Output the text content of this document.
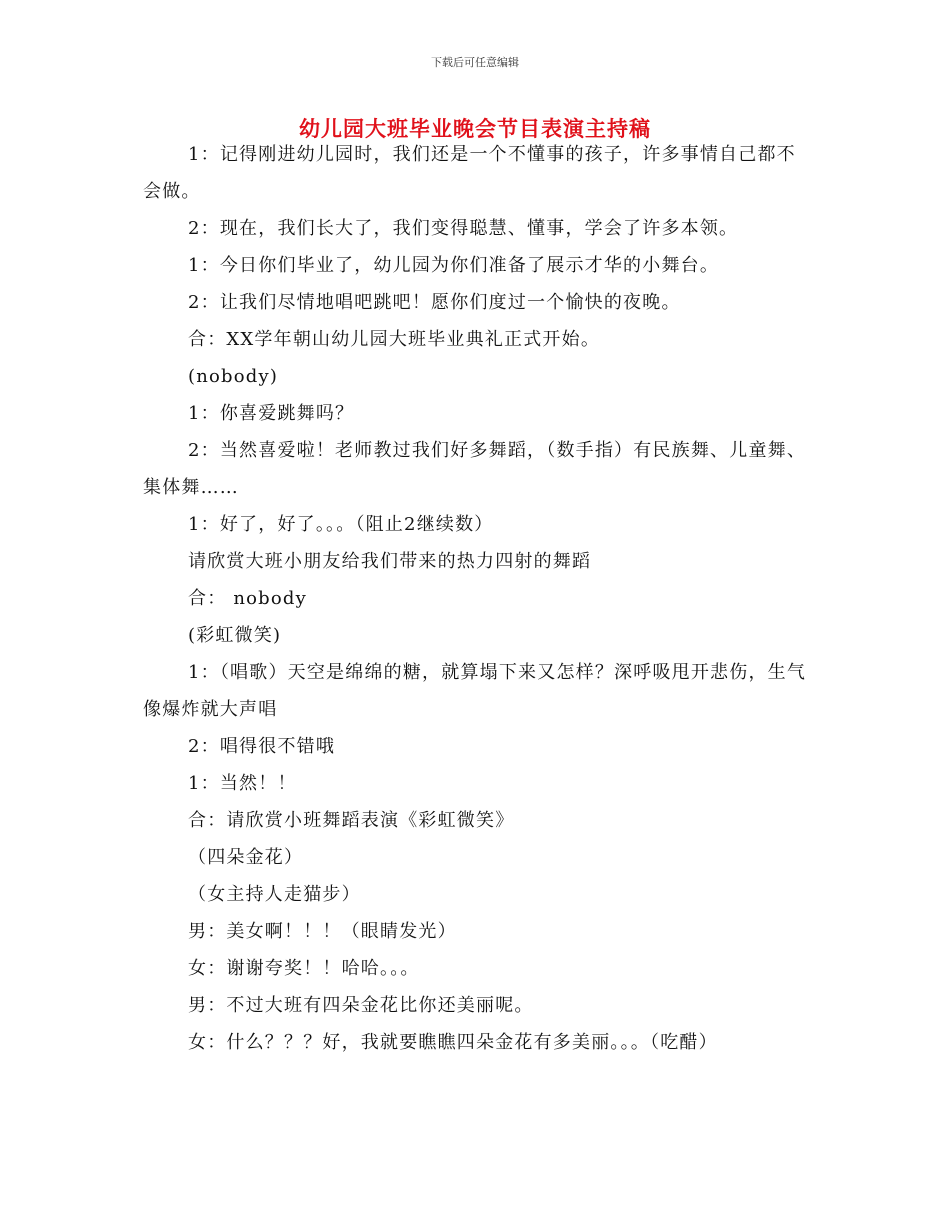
下载后可任意编辑
幼儿园大班毕业晚会节目表演主持稿

1：记得刚进幼儿园时，我们还是一个不懂事的孩子，许多事情自己都不会做。

2：现在，我们长大了，我们变得聪慧、懂事，学会了许多本领。

1：今日你们毕业了，幼儿园为你们准备了展示才华的小舞台。

2：让我们尽情地唱吧跳吧！愿你们度过一个愉快的夜晚。

合：XX学年朝山幼儿园大班毕业典礼正式开始。

(nobody)

1：你喜爱跳舞吗？

2：当然喜爱啦！老师教过我们好多舞蹈，（数手指）有民族舞、儿童舞、集体舞……

1：好了，好了。。。（阻止2继续数）

请欣赏大班小朋友给我们带来的热力四射的舞蹈

合： nobody

(彩虹微笑)

1：（唱歌）天空是绵绵的糖，就算塌下来又怎样？深呼吸甩开悲伤，生气像爆炸就大声唱

2：唱得很不错哦

1：当然！！

合：请欣赏小班舞蹈表演《彩虹微笑》

（四朵金花）

（女主持人走猫步）

男：美女啊！！！（眼睛发光）

女：谢谢夸奖！！哈哈。。。

男：不过大班有四朵金花比你还美丽呢。

女：什么？？？好，我就要瞧瞧四朵金花有多美丽。。。（吃醋）
